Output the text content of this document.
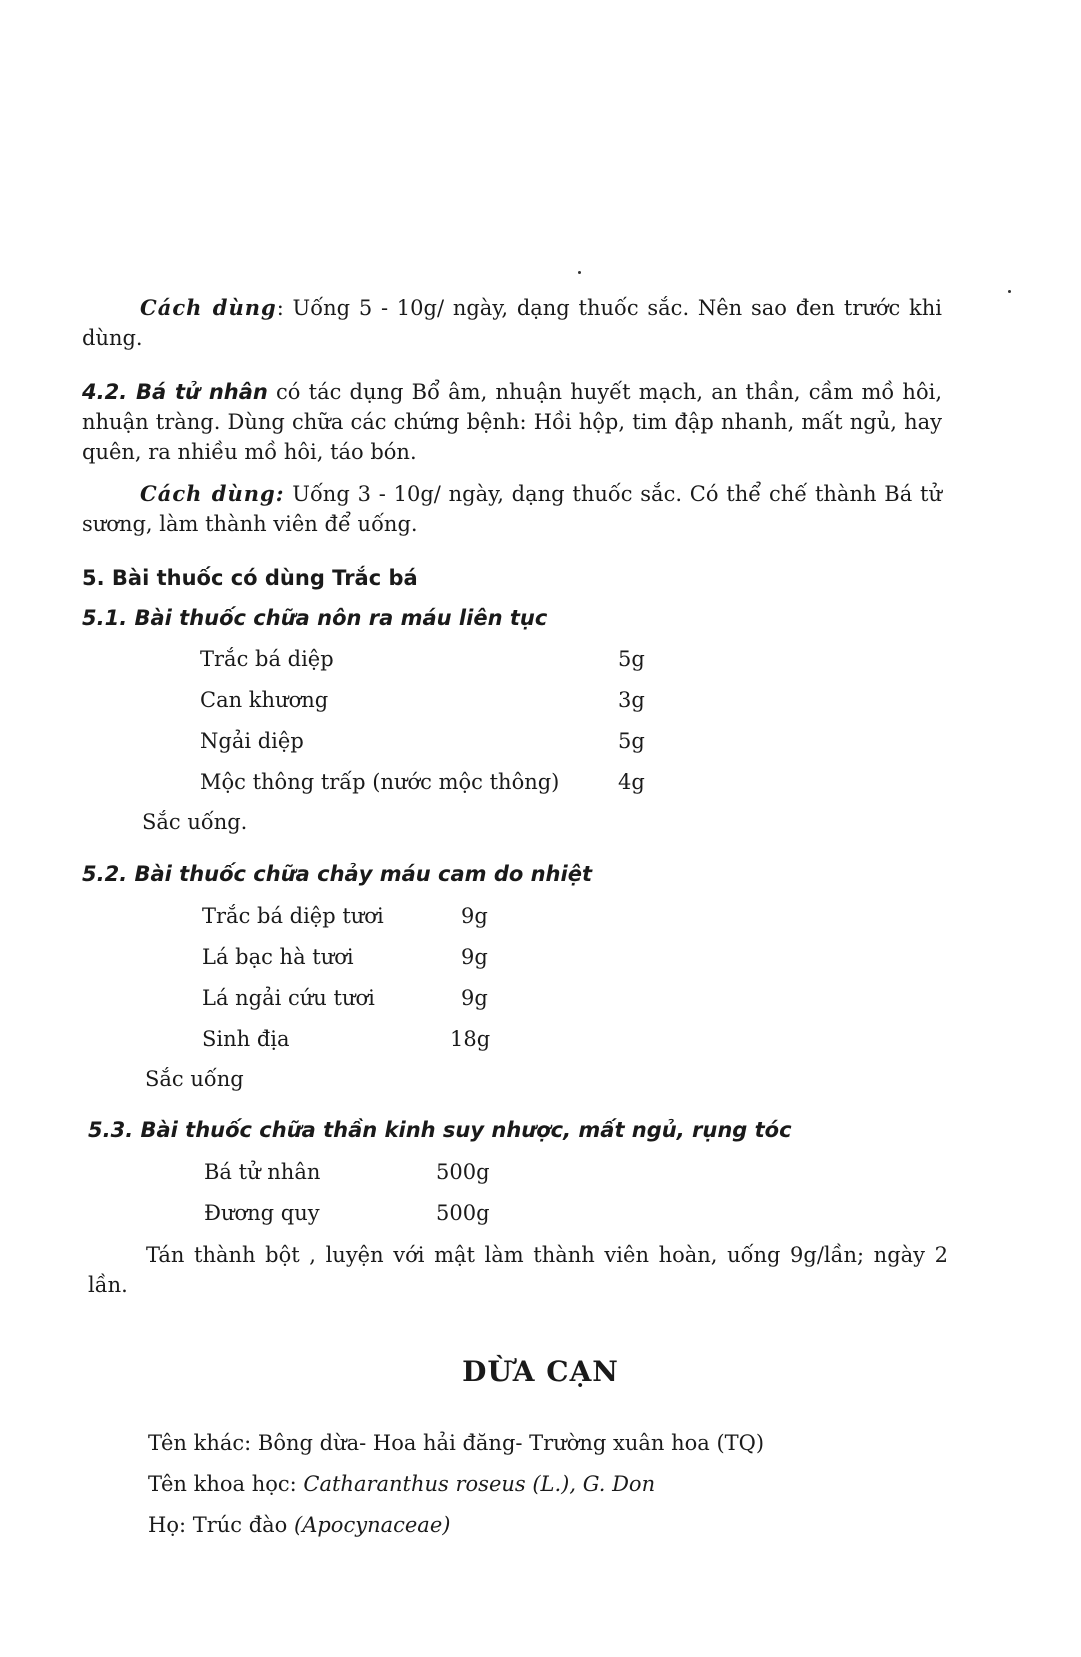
Cách dùng: Uống 5 - 10g/ ngày, dạng thuốc sắc. Nên sao đen trước khi dùng.
4.2. Bá tử nhân có tác dụng Bổ âm, nhuận huyết mạch, an thần, cầm mồ hôi, nhuận tràng. Dùng chữa các chứng bệnh: Hồi hộp, tim đập nhanh, mất ngủ, hay quên, ra nhiều mồ hôi, táo bón.
Cách dùng: Uống 3 - 10g/ ngày, dạng thuốc sắc. Có thể chế thành Bá tử sương, làm thành viên để uống.
5. Bài thuốc có dùng Trắc bá
5.1. Bài thuốc chữa nôn ra máu liên tục
Trắc bá diệp	5g
Can khương	3g
Ngải diệp	5g
Mộc thông trấp (nước mộc thông)	4g
Sắc uống.
5.2. Bài thuốc chữa chảy máu cam do nhiệt
Trắc bá diệp tươi	9g
Lá bạc hà tươi	9g
Lá ngải cứu tươi	9g
Sinh địa	18g
Sắc uống
5.3. Bài thuốc chữa thần kinh suy nhược, mất ngủ, rụng tóc
Bá tử nhân	500g
Đương quy	500g
Tán thành bột , luyện với mật làm thành viên hoàn, uống 9g/lần; ngày 2 lần.
DỪA CẠN
Tên khác: Bông dừa- Hoa hải đăng- Trường xuân hoa (TQ)
Tên khoa học: Catharanthus roseus (L.), G. Don
Họ: Trúc đào (Apocynaceae)
